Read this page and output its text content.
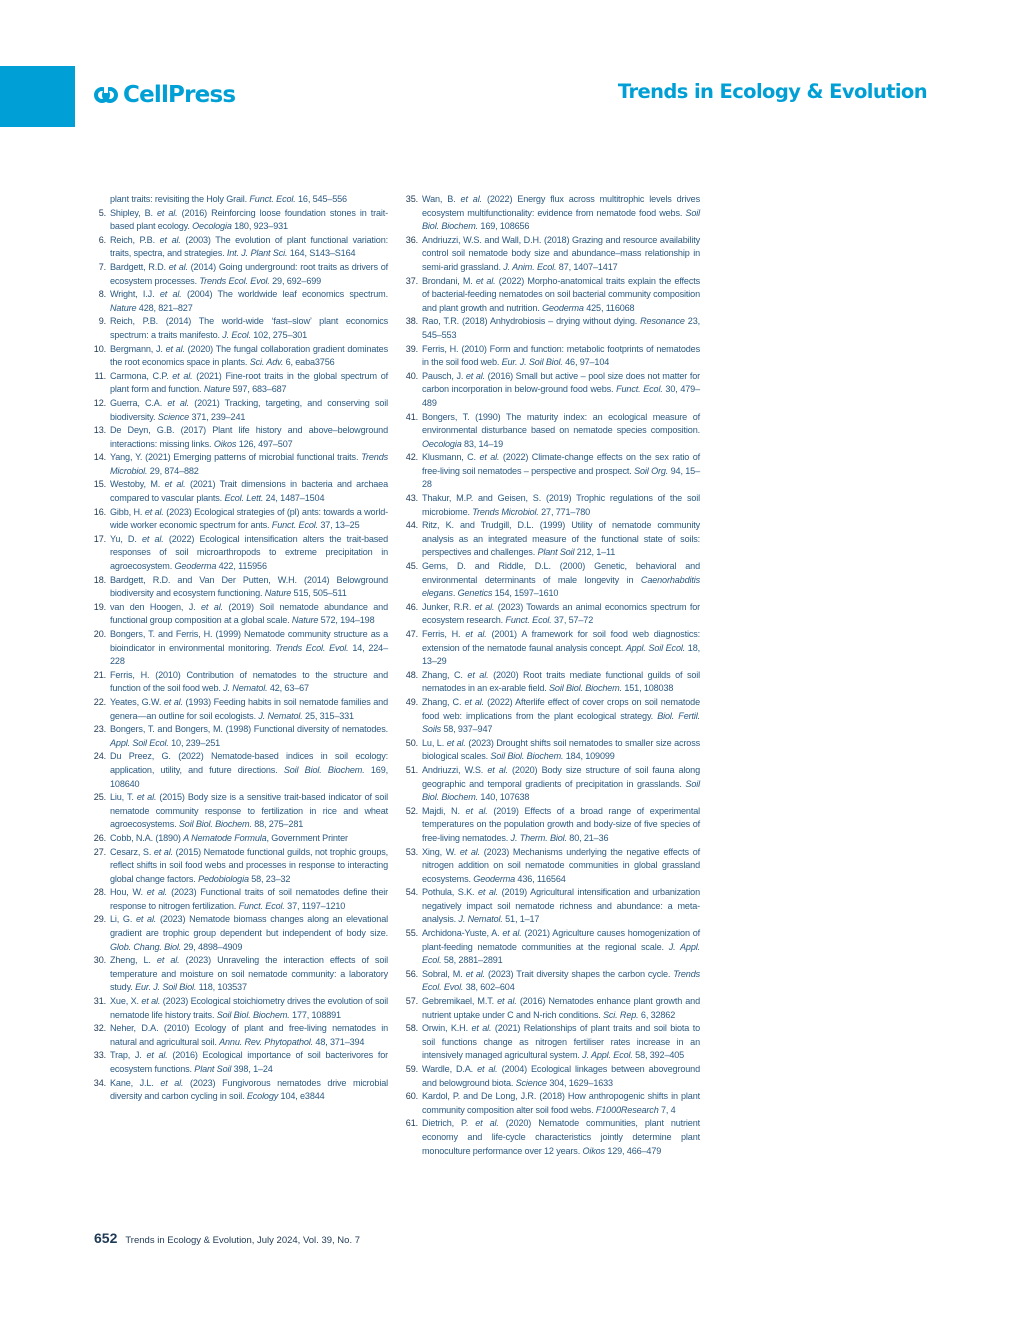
CellPress	Trends in Ecology & Evolution
plant traits: revisiting the Holy Grail. Funct. Ecol. 16, 545–556
5. Shipley, B. et al. (2016) Reinforcing loose foundation stones in trait-based plant ecology. Oecologia 180, 923–931
6. Reich, P.B. et al. (2003) The evolution of plant functional variation: traits, spectra, and strategies. Int. J. Plant Sci. 164, S143–S164
7. Bardgett, R.D. et al. (2014) Going underground: root traits as drivers of ecosystem processes. Trends Ecol. Evol. 29, 692–699
8. Wright, I.J. et al. (2004) The worldwide leaf economics spectrum. Nature 428, 821–827
9. Reich, P.B. (2014) The world-wide ‘fast–slow’ plant economics spectrum: a traits manifesto. J. Ecol. 102, 275–301
10. Bergmann, J. et al. (2020) The fungal collaboration gradient dominates the root economics space in plants. Sci. Adv. 6, eaba3756
11. Carmona, C.P. et al. (2021) Fine-root traits in the global spectrum of plant form and function. Nature 597, 683–687
12. Guerra, C.A. et al. (2021) Tracking, targeting, and conserving soil biodiversity. Science 371, 239–241
13. De Deyn, G.B. (2017) Plant life history and above–belowground interactions: missing links. Oikos 126, 497–507
14. Yang, Y. (2021) Emerging patterns of microbial functional traits. Trends Microbiol. 29, 874–882
15. Westoby, M. et al. (2021) Trait dimensions in bacteria and archaea compared to vascular plants. Ecol. Lett. 24, 1487–1504
16. Gibb, H. et al. (2023) Ecological strategies of (pl) ants: towards a world-wide worker economic spectrum for ants. Funct. Ecol. 37, 13–25
17. Yu, D. et al. (2022) Ecological intensification alters the trait-based responses of soil microarthropods to extreme precipitation in agroecosystem. Geoderma 422, 115956
18. Bardgett, R.D. and Van Der Putten, W.H. (2014) Belowground biodiversity and ecosystem functioning. Nature 515, 505–511
19. van den Hoogen, J. et al. (2019) Soil nematode abundance and functional group composition at a global scale. Nature 572, 194–198
20. Bongers, T. and Ferris, H. (1999) Nematode community structure as a bioindicator in environmental monitoring. Trends Ecol. Evol. 14, 224–228
21. Ferris, H. (2010) Contribution of nematodes to the structure and function of the soil food web. J. Nematol. 42, 63–67
22. Yeates, G.W. et al. (1993) Feeding habits in soil nematode families and genera—an outline for soil ecologists. J. Nematol. 25, 315–331
23. Bongers, T. and Bongers, M. (1998) Functional diversity of nematodes. Appl. Soil Ecol. 10, 239–251
24. Du Preez, G. (2022) Nematode-based indices in soil ecology: application, utility, and future directions. Soil Biol. Biochem. 169, 108640
25. Liu, T. et al. (2015) Body size is a sensitive trait-based indicator of soil nematode community response to fertilization in rice and wheat agroecosystems. Soil Biol. Biochem. 88, 275–281
26. Cobb, N.A. (1890) A Nematode Formula, Government Printer
27. Cesarz, S. et al. (2015) Nematode functional guilds, not trophic groups, reflect shifts in soil food webs and processes in response to interacting global change factors. Pedobiologia 58, 23–32
28. Hou, W. et al. (2023) Functional traits of soil nematodes define their response to nitrogen fertilization. Funct. Ecol. 37, 1197–1210
29. Li, G. et al. (2023) Nematode biomass changes along an elevational gradient are trophic group dependent but independent of body size. Glob. Chang. Biol. 29, 4898–4909
30. Zheng, L. et al. (2023) Unraveling the interaction effects of soil temperature and moisture on soil nematode community: a laboratory study. Eur. J. Soil Biol. 118, 103537
31. Xue, X. et al. (2023) Ecological stoichiometry drives the evolution of soil nematode life history traits. Soil Biol. Biochem. 177, 108891
32. Neher, D.A. (2010) Ecology of plant and free-living nematodes in natural and agricultural soil. Annu. Rev. Phytopathol. 48, 371–394
33. Trap, J. et al. (2016) Ecological importance of soil bacterivores for ecosystem functions. Plant Soil 398, 1–24
34. Kane, J.L. et al. (2023) Fungivorous nematodes drive microbial diversity and carbon cycling in soil. Ecology 104, e3844
35. Wan, B. et al. (2022) Energy flux across multitrophic levels drives ecosystem multifunctionality: evidence from nematode food webs. Soil Biol. Biochem. 169, 108656
36. Andriuzzi, W.S. and Wall, D.H. (2018) Grazing and resource availability control soil nematode body size and abundance–mass relationship in semi-arid grassland. J. Anim. Ecol. 87, 1407–1417
37. Brondani, M. et al. (2022) Morpho-anatomical traits explain the effects of bacterial-feeding nematodes on soil bacterial community composition and plant growth and nutrition. Geoderma 425, 116068
38. Rao, T.R. (2018) Anhydrobiosis – drying without dying. Resonance 23, 545–553
39. Ferris, H. (2010) Form and function: metabolic footprints of nematodes in the soil food web. Eur. J. Soil Biol. 46, 97–104
40. Pausch, J. et al. (2016) Small but active – pool size does not matter for carbon incorporation in below-ground food webs. Funct. Ecol. 30, 479–489
41. Bongers, T. (1990) The maturity index: an ecological measure of environmental disturbance based on nematode species composition. Oecologia 83, 14–19
42. Klusmann, C. et al. (2022) Climate-change effects on the sex ratio of free-living soil nematodes – perspective and prospect. Soil Org. 94, 15–28
43. Thakur, M.P. and Geisen, S. (2019) Trophic regulations of the soil microbiome. Trends Microbiol. 27, 771–780
44. Ritz, K. and Trudgill, D.L. (1999) Utility of nematode community analysis as an integrated measure of the functional state of soils: perspectives and challenges. Plant Soil 212, 1–11
45. Gems, D. and Riddle, D.L. (2000) Genetic, behavioral and environmental determinants of male longevity in Caenorhabditis elegans. Genetics 154, 1597–1610
46. Junker, R.R. et al. (2023) Towards an animal economics spectrum for ecosystem research. Funct. Ecol. 37, 57–72
47. Ferris, H. et al. (2001) A framework for soil food web diagnostics: extension of the nematode faunal analysis concept. Appl. Soil Ecol. 18, 13–29
48. Zhang, C. et al. (2020) Root traits mediate functional guilds of soil nematodes in an ex-arable field. Soil Biol. Biochem. 151, 108038
49. Zhang, C. et al. (2022) Afterlife effect of cover crops on soil nematode food web: implications from the plant ecological strategy. Biol. Fertil. Soils 58, 937–947
50. Lu, L. et al. (2023) Drought shifts soil nematodes to smaller size across biological scales. Soil Biol. Biochem. 184, 109099
51. Andriuzzi, W.S. et al. (2020) Body size structure of soil fauna along geographic and temporal gradients of precipitation in grasslands. Soil Biol. Biochem. 140, 107638
52. Majdi, N. et al. (2019) Effects of a broad range of experimental temperatures on the population growth and body-size of five species of free-living nematodes. J. Therm. Biol. 80, 21–36
53. Xing, W. et al. (2023) Mechanisms underlying the negative effects of nitrogen addition on soil nematode communities in global grassland ecosystems. Geoderma 436, 116564
54. Pothula, S.K. et al. (2019) Agricultural intensification and urbanization negatively impact soil nematode richness and abundance: a meta-analysis. J. Nematol. 51, 1–17
55. Archidona-Yuste, A. et al. (2021) Agriculture causes homogenization of plant-feeding nematode communities at the regional scale. J. Appl. Ecol. 58, 2881–2891
56. Sobral, M. et al. (2023) Trait diversity shapes the carbon cycle. Trends Ecol. Evol. 38, 602–604
57. Gebremikael, M.T. et al. (2016) Nematodes enhance plant growth and nutrient uptake under C and N-rich conditions. Sci. Rep. 6, 32862
58. Orwin, K.H. et al. (2021) Relationships of plant traits and soil biota to soil functions change as nitrogen fertiliser rates increase in an intensively managed agricultural system. J. Appl. Ecol. 58, 392–405
59. Wardle, D.A. et al. (2004) Ecological linkages between aboveground and belowground biota. Science 304, 1629–1633
60. Kardol, P. and De Long, J.R. (2018) How anthropogenic shifts in plant community composition alter soil food webs. F1000Research 7, 4
61. Dietrich, P. et al. (2020) Nematode communities, plant nutrient economy and life-cycle characteristics jointly determine plant monoculture performance over 12 years. Oikos 129, 466–479
652 Trends in Ecology & Evolution, July 2024, Vol. 39, No. 7
